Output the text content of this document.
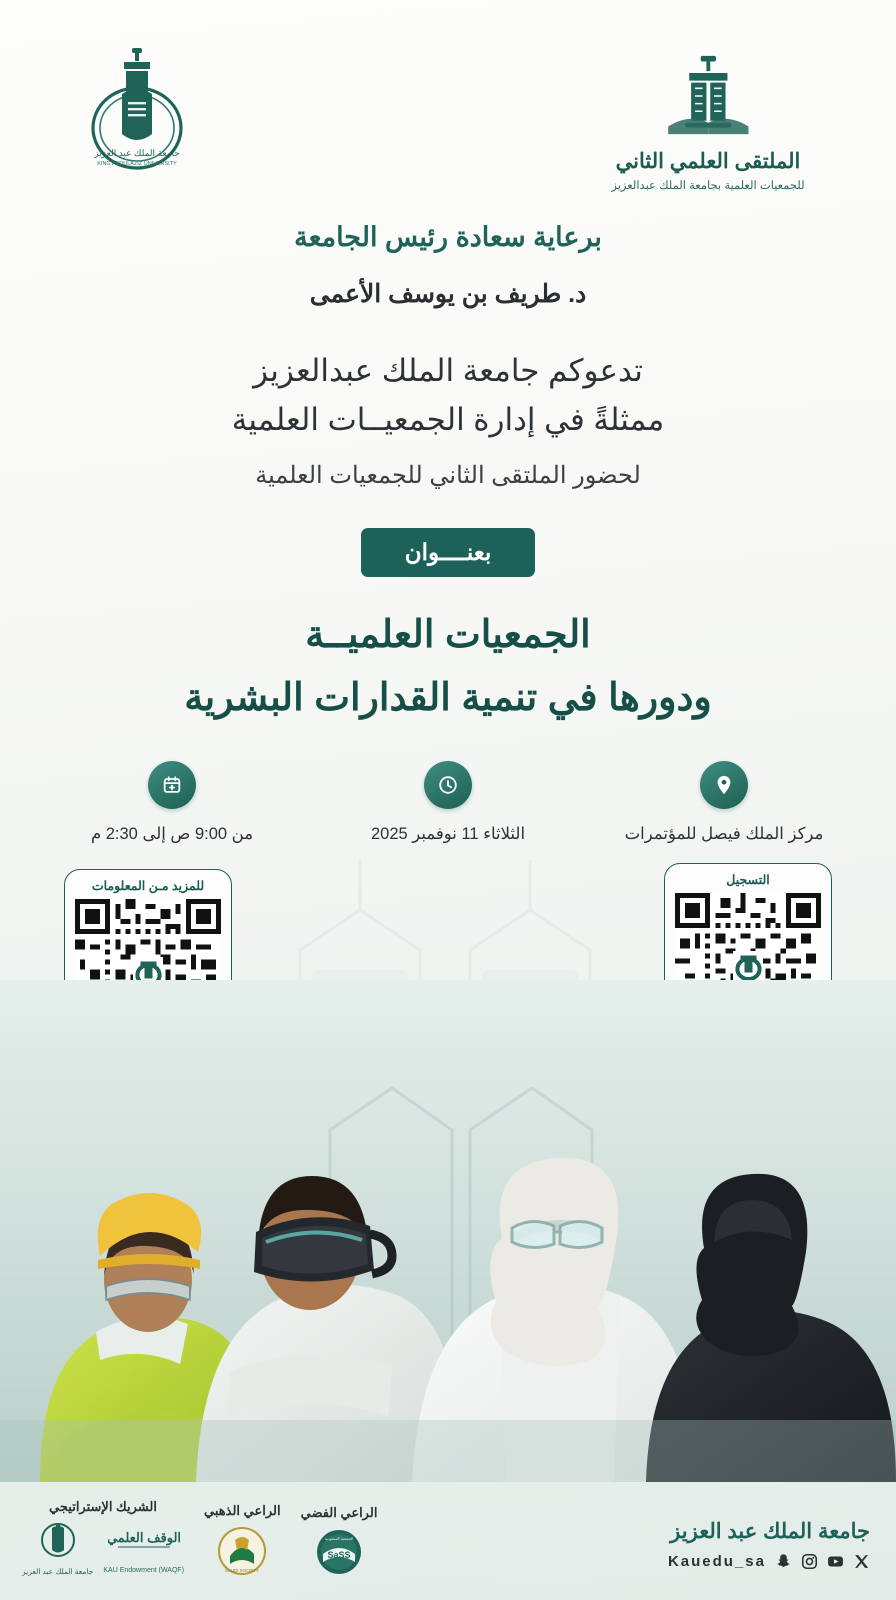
الملتقى العلمي الثاني
للجمعيات العلمية بجامعة الملك عبدالعزيز
جامعة الملك عبد العزيز
KING ABDULAZIZ UNIVERSITY
برعاية سعادة رئيس الجامعة
د. طريف بن يوسف الأعمى
تدعوكم جامعة الملك عبدالعزيز
ممثلةً في إدارة الجمعيــات العلمية
لحضور الملتقى الثاني للجمعيات العلمية
بعنــــوان
الجمعيات العلميــة
ودورها في تنمية القدارات البشرية
مركز الملك فيصل للمؤتمرات
الثلاثاء 11 نوفمبر 2025
من 9:00 ص إلى 2:30 م
التسجيل
للمزيد مـن المعلومات
الراعي الفضي
SaSS
الجمعية السعودية
الراعي الذهبي
SAUDI SOCIETY
الشريك الإستراتيجي
الوقف العلمي
KAU Endowment (WAQF)
جامعة الملك عبد العزيز
جامعة الملك عبد العزيز
Kauedu_sa
